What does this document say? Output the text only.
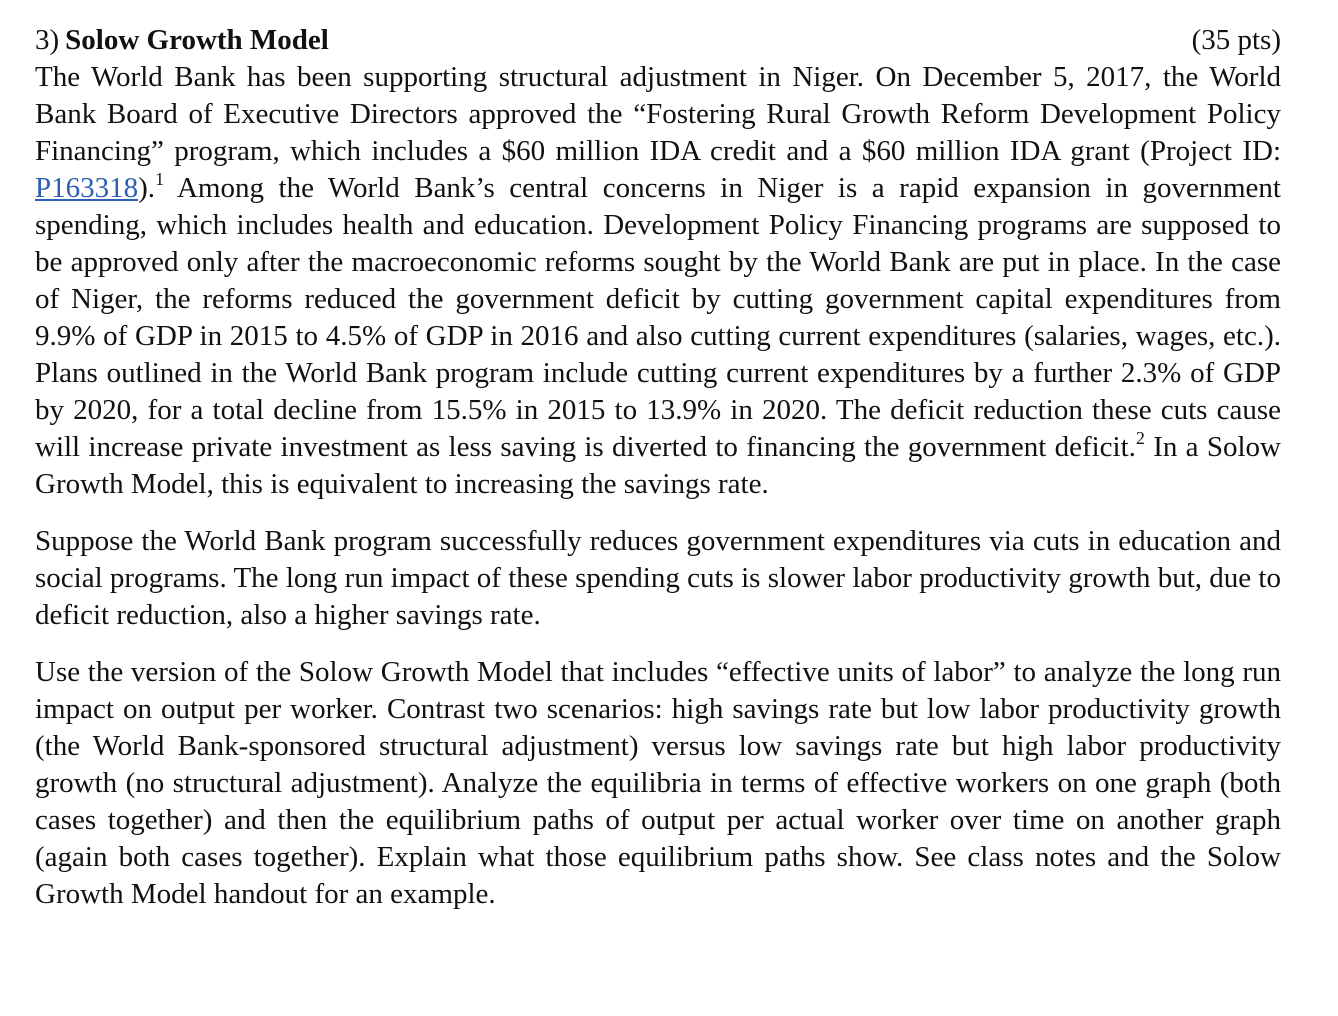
3) Solow Growth Model	(35 pts)

The World Bank has been supporting structural adjustment in Niger. On December 5, 2017, the World Bank Board of Executive Directors approved the “Fostering Rural Growth Reform Development Policy Financing” program, which includes a $60 million IDA credit and a $60 million IDA grant (Project ID: P163318).$^1$ Among the World Bank’s central concerns in Niger is a rapid expansion in government spending, which includes health and education. Development Policy Financing programs are supposed to be approved only after the macroeconomic reforms sought by the World Bank are put in place. In the case of Niger, the reforms reduced the government deficit by cutting government capital expenditures from 9.9% of GDP in 2015 to 4.5% of GDP in 2016 and also cutting current expenditures (salaries, wages, etc.). Plans outlined in the World Bank program include cutting current expenditures by a further 2.3% of GDP by 2020, for a total decline from 15.5% in 2015 to 13.9% in 2020. The deficit reduction these cuts cause will increase private investment as less saving is diverted to financing the government deficit.$^2$ In a Solow Growth Model, this is equivalent to increasing the savings rate.

Suppose the World Bank program successfully reduces government expenditures via cuts in education and social programs. The long run impact of these spending cuts is slower labor productivity growth but, due to deficit reduction, also a higher savings rate.

Use the version of the Solow Growth Model that includes “effective units of labor” to analyze the long run impact on output per worker. Contrast two scenarios: high savings rate but low labor productivity growth (the World Bank-sponsored structural adjustment) versus low savings rate but high labor productivity growth (no structural adjustment). Analyze the equilibria in terms of effective workers on one graph (both cases together) and then the equilibrium paths of output per actual worker over time on another graph (again both cases together). Explain what those equilibrium paths show. See class notes and the Solow Growth Model handout for an example.
